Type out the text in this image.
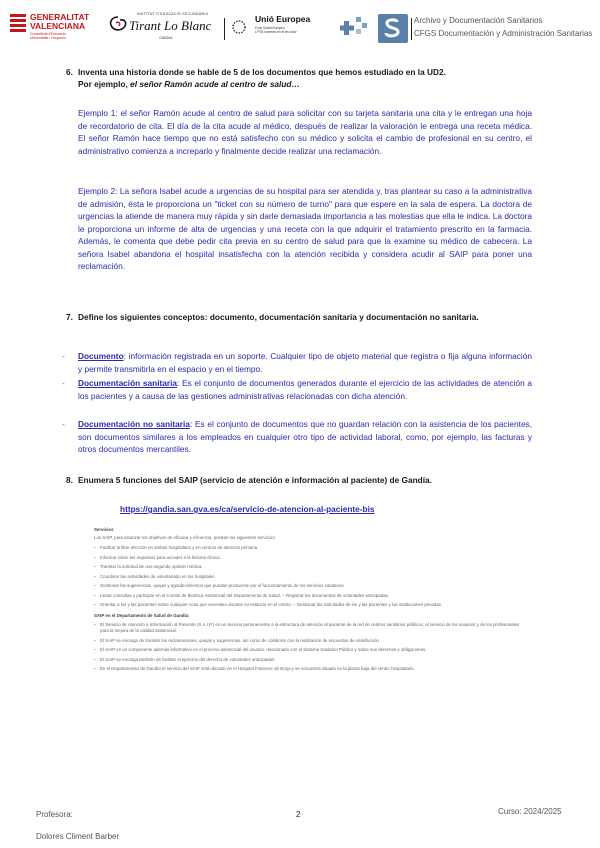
GENERALITAT
VALENCIANA
Conselleria d'Educació,
Universitats i Ocupació
INSTITUT D'EDUCACIÓ SECUNDÀRIA
Tirant Lo Blanc
GANDIA
Unió Europea
Fons Social Europeu
L'FSE inverteix en el teu futur
Archivo y Documentación Sanitarios
CFGS Documentación y Administración Sanitarias
6. Inventa una historia donde se hable de 5 de los documentos que hemos estudiado en la UD2.
Por ejemplo, el señor Ramón acude al centro de salud…
Ejemplo 1: el señor Ramón acude al centro de salud para solicitar con su tarjeta sanitaria una cita y le entregan una hoja de recordatorio de cita. El día de la cita acude al médico, después de realizar la valoración le entrega una receta médica. El señor Ramón hace tiempo que no está satisfecho con su médico y solicita el cambio de profesional en su centro, el administrativo comienza a increparlo y finalmente decide realizar una reclamación.
Ejemplo 2: La señora Isabel acude a urgencias de su hospital para ser atendida y, tras plantear su caso a la administrativa de admisión, ésta le proporciona un "ticket con su número de turno" para que espere en la sala de espera. La doctora de urgencias la atiende de manera muy rápida y sin darle demasiada importancia a las molestias que ella le indica. La doctora le proporciona un informe de alta de urgencias y una receta con la que adquirir el tratamiento prescrito en la farmacia. Además, le comenta que debe pedir cita previa en su centro de salud para que la examine su médico de cabecera. La señora Isabel abandona el hospital insatisfecha con la atención recibida y considera acudir al SAIP para poner una reclamación.
7. Define los siguientes conceptos: documento, documentación sanitaria y documentación no sanitaria.
- Documento: información registrada en un soporte. Cualquier tipo de objeto material que registra o fija alguna información y permite transmitirla en el espacio y en el tiempo.
- Documentación sanitaria: Es el conjunto de documentos generados durante el ejercicio de las actividades de atención a los pacientes y a causa de las gestiones administrativas relacionadas con dicha atención.
- Documentación no sanitaria: Es el conjunto de documentos que no guardan relación con la asistencia de los pacientes, son documentos similares a los empleados en cualquier otro tipo de actividad laboral, como, por ejemplo, las facturas y otros documentos mercantiles.
8. Enumera 5 funciones del SAIP (servicio de atención e información al paciente) de Gandía.
https://gandia.san.gva.es/ca/servicio-de-atencion-al-paciente-bis
Servicios
Los SAIP, para alcanzar los objetivos de eficacia y eficiencia, prestan los siguientes servicios:
▪ Facilitar la libre elección en ámbito hospitalario y en centros de atención primaria.
▪ Informar sobre los requisitos para acceder a la historia clínica.
▪ Tramitar la solicitud de una segunda opinión médica.
▪ Coordinar las actividades de voluntariado en los hospitales.
▪ Gestionar las sugerencias, quejas y agradecimientos que puedan producirse por el funcionamiento de los servicios sanitarios.
▪ Llevar consultas y participar en el Comité de Bioética Asistencial del Departamento de Salud. – Registrar los documentos de voluntades anticipadas.
▪ Orientar a los y las pacientes sobre cualquier cosa que necesiten durante su estancia en el centro. – Gestionar las solicitudes de los y las pacientes y las instituciones privadas.
SAIP en el Departamento de Salud de Gandía:
▪ El Servicio de Atención e Información al Paciente (S.A.I.P.) es un servicio perteneciente a la estructura de atención al paciente de la red de centros sanitarios públicos, al servicio de los usuarios y de los profesionales para la mejora de la calidad asistencial.
▪ El SAIP se encarga de tramitar las reclamaciones, quejas y sugerencias, así como de colaborar con la realización de encuestas de satisfacción.
▪ El SAIP es un componente además informativo en el proceso asistencial del usuario, relacionado con el Sistema Sanitario Público y sobre sus derechos y obligaciones.
▪ El SAIP se encarga también de facilitar el ejercicio del derecho de voluntades anticipadas.
▪ En el Departamento de Gandía el servicio del SAIP está ubicado en el Hospital Francesc de Borja y se encuentra situado en la planta baja del centro hospitalario.
Profesora:
Dolores Climent Barber
2	Curso: 2024/2025
